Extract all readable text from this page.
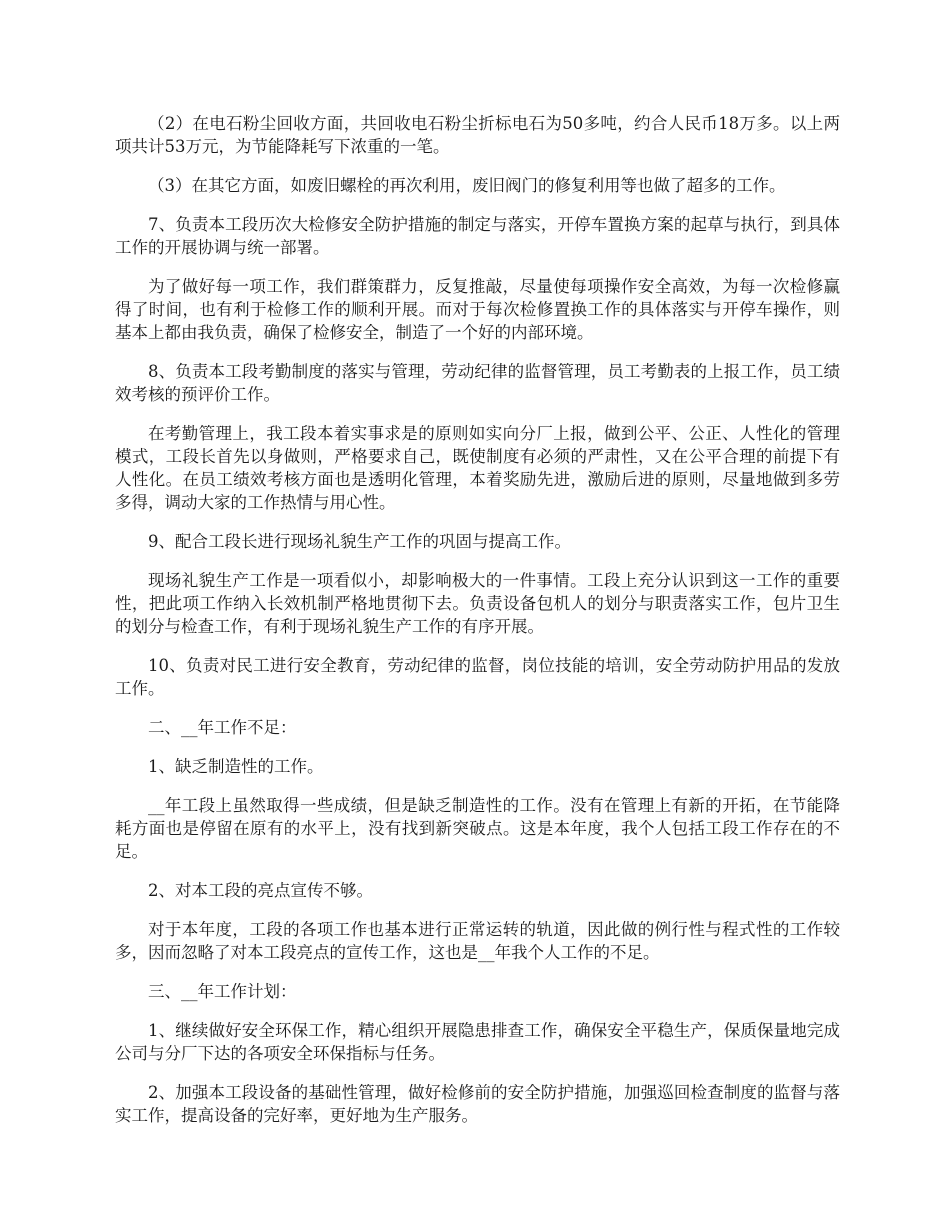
（2）在电石粉尘回收方面，共回收电石粉尘折标电石为50多吨，约合人民币18万多。以上两项共计53万元，为节能降耗写下浓重的一笔。

（3）在其它方面，如废旧螺栓的再次利用，废旧阀门的修复利用等也做了超多的工作。

7、负责本工段历次大检修安全防护措施的制定与落实，开停车置换方案的起草与执行，到具体工作的开展协调与统一部署。

为了做好每一项工作，我们群策群力，反复推敲，尽量使每项操作安全高效，为每一次检修赢得了时间，也有利于检修工作的顺利开展。而对于每次检修置换工作的具体落实与开停车操作，则基本上都由我负责，确保了检修安全，制造了一个好的内部环境。

8、负责本工段考勤制度的落实与管理，劳动纪律的监督管理，员工考勤表的上报工作，员工绩效考核的预评价工作。

在考勤管理上，我工段本着实事求是的原则如实向分厂上报，做到公平、公正、人性化的管理模式，工段长首先以身做则，严格要求自己，既使制度有必须的严肃性，又在公平合理的前提下有人性化。在员工绩效考核方面也是透明化管理，本着奖励先进，激励后进的原则，尽量地做到多劳多得，调动大家的工作热情与用心性。

9、配合工段长进行现场礼貌生产工作的巩固与提高工作。

现场礼貌生产工作是一项看似小，却影响极大的一件事情。工段上充分认识到这一工作的重要性，把此项工作纳入长效机制严格地贯彻下去。负责设备包机人的划分与职责落实工作，包片卫生的划分与检查工作，有利于现场礼貌生产工作的有序开展。

10、负责对民工进行安全教育，劳动纪律的监督，岗位技能的培训，安全劳动防护用品的发放工作。

二、__年工作不足：

1、缺乏制造性的工作。

__年工段上虽然取得一些成绩，但是缺乏制造性的工作。没有在管理上有新的开拓，在节能降耗方面也是停留在原有的水平上，没有找到新突破点。这是本年度，我个人包括工段工作存在的不足。

2、对本工段的亮点宣传不够。

对于本年度，工段的各项工作也基本进行正常运转的轨道，因此做的例行性与程式性的工作较多，因而忽略了对本工段亮点的宣传工作，这也是__年我个人工作的不足。

三、__年工作计划：

1、继续做好安全环保工作，精心组织开展隐患排查工作，确保安全平稳生产，保质保量地完成公司与分厂下达的各项安全环保指标与任务。

2、加强本工段设备的基础性管理，做好检修前的安全防护措施，加强巡回检查制度的监督与落实工作，提高设备的完好率，更好地为生产服务。
